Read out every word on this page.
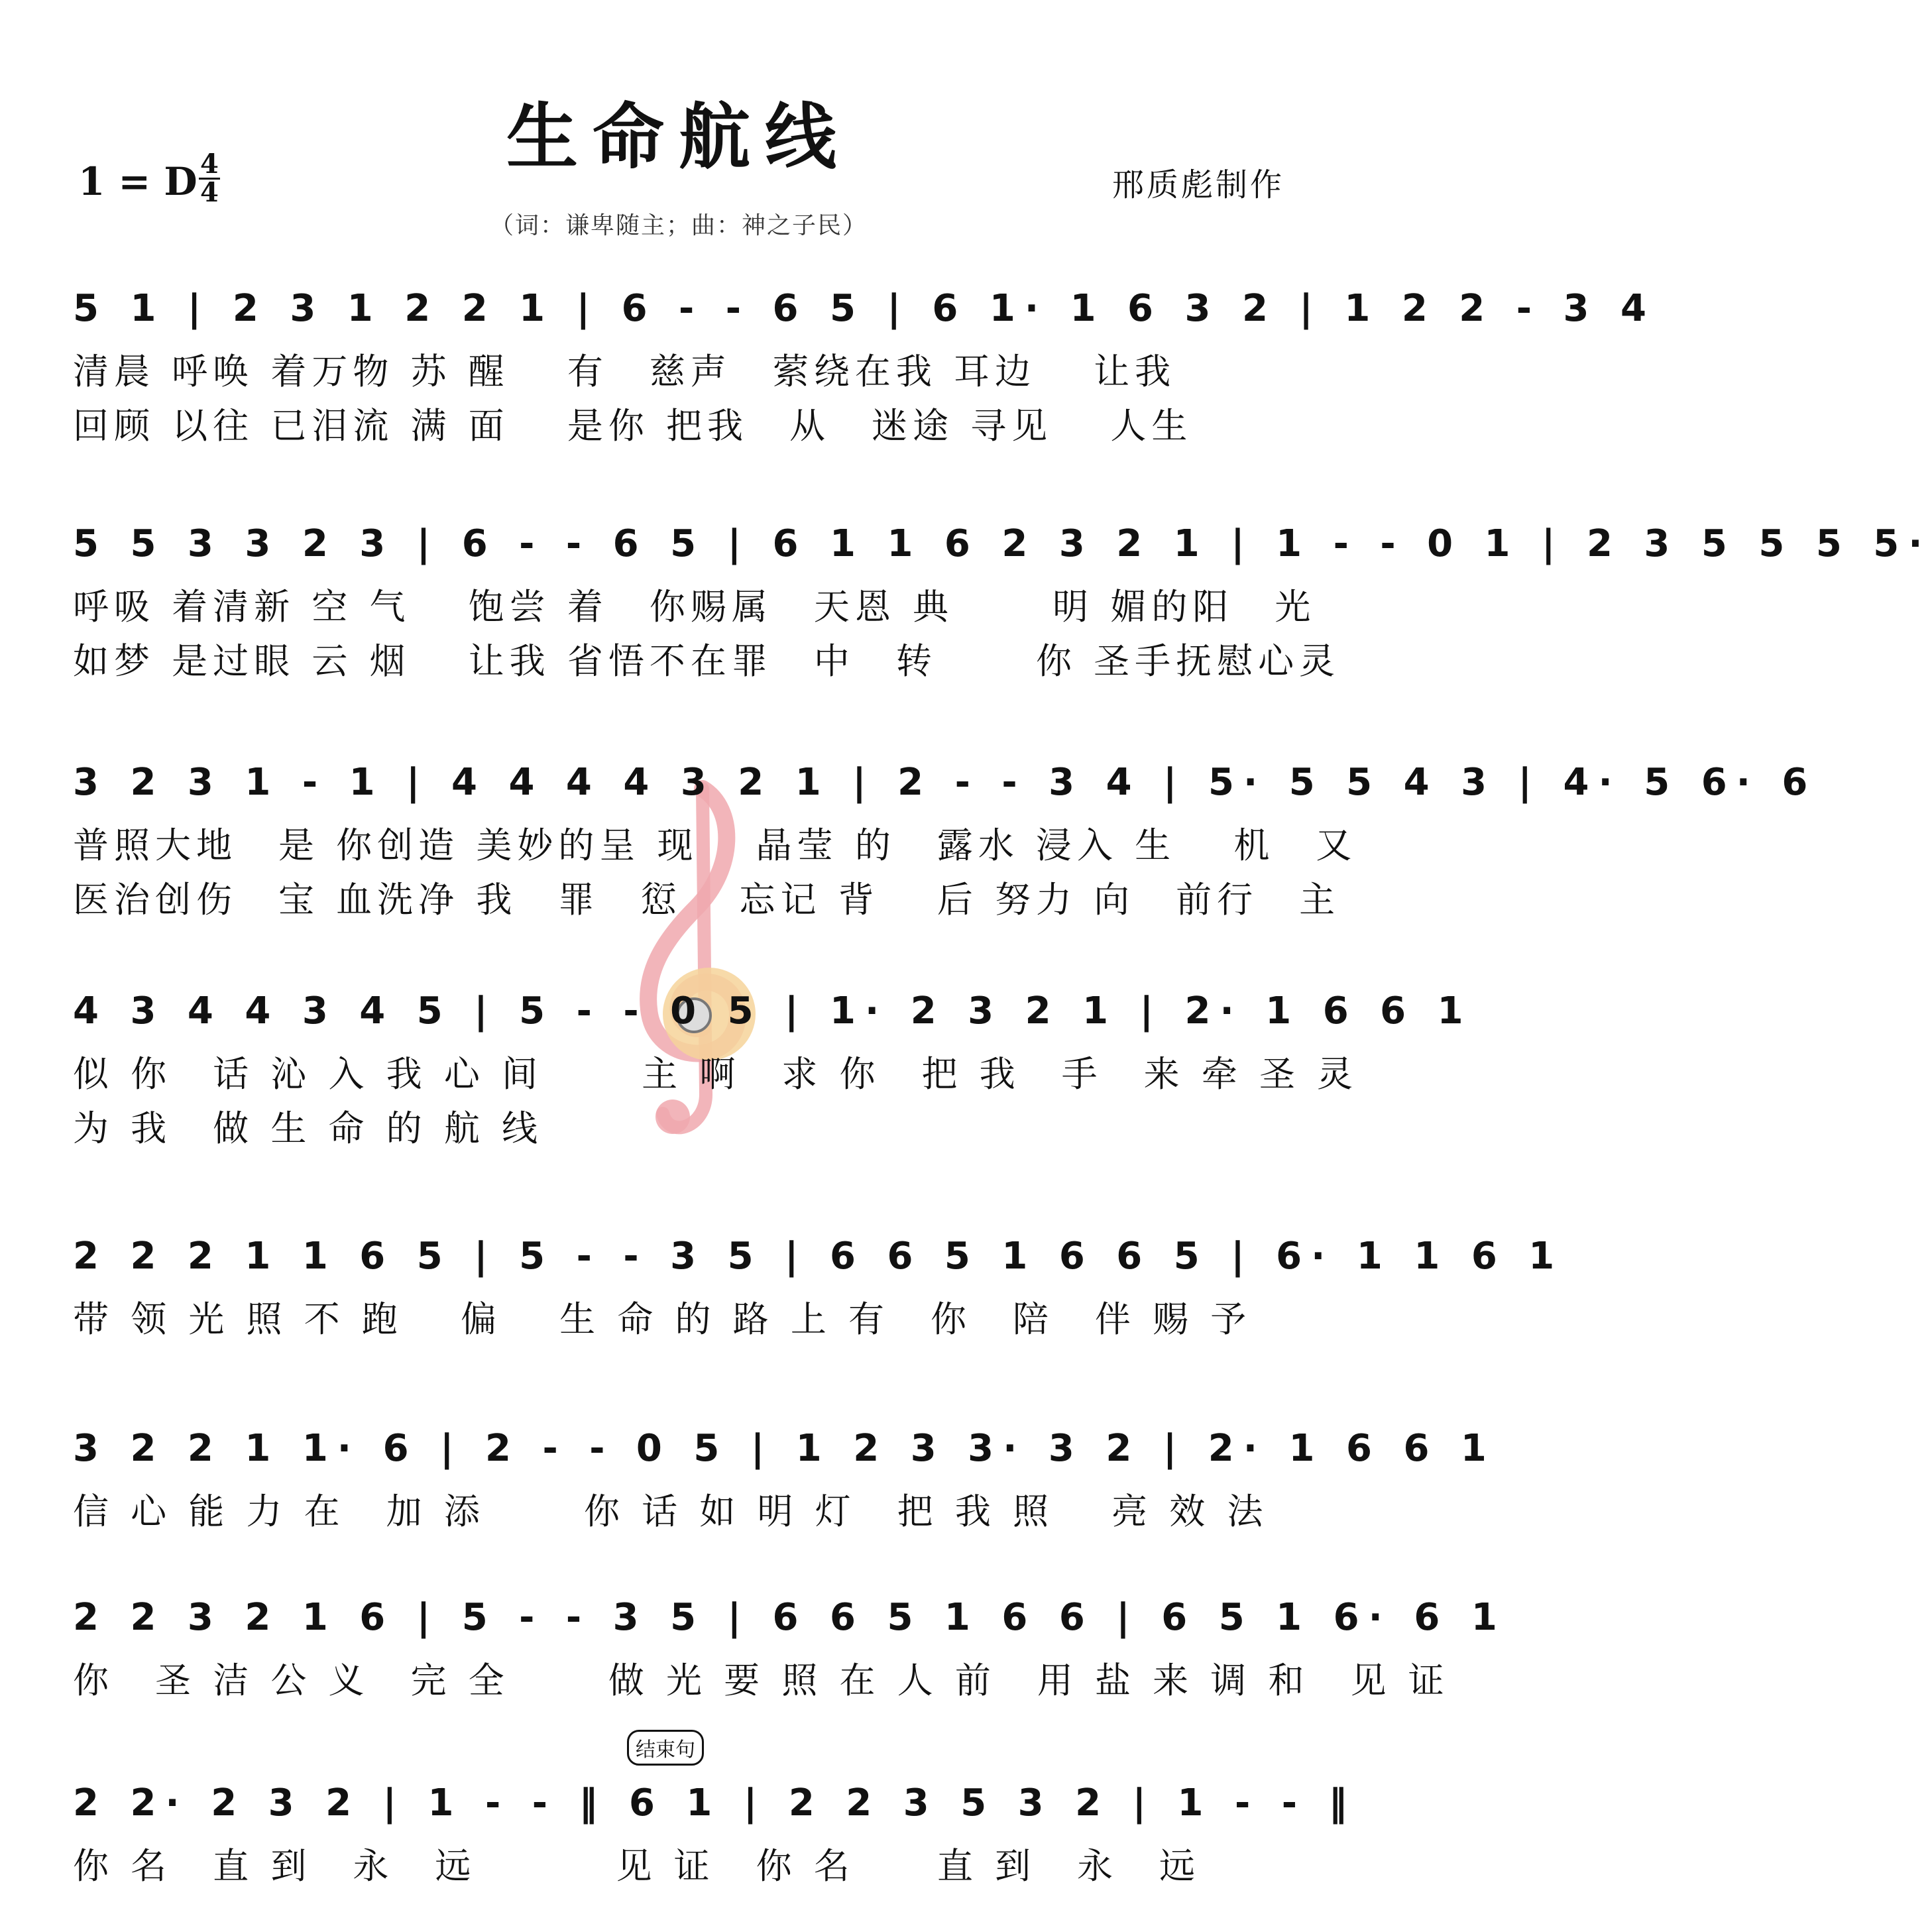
生命航线
1 = D 4
4	邢质彪制作
（词：谦卑随主；曲：神之子民）
5 1 | 2 3 1 2 2 1 | 6 - - 6 5 | 6 1· 1 6 3 2 | 1 2 2 - 3 4
清晨 呼唤 着万物 苏 醒　 有　慈声　萦绕在我 耳边　 让我
回顾 以往 已泪流 满 面　 是你 把我　从　迷途 寻见　 人生
5 5 3 3 2 3 | 6 - - 6 5 | 6 1 1 6 2 3 2 1 | 1 - - 0 1 | 2 3 5 5 5 5·
呼吸 着清新 空 气　 饱尝 着　你赐属　天恩 典　　 明 媚的阳　光
如梦 是过眼 云 烟　 让我 省悟不在罪　中　转　　 你 圣手抚慰心灵
3 2 3 1 - 1 | 4 4 4 4 3 2 1 | 2 - - 3 4 | 5· 5 5 4 3 | 4· 5 6· 6
普照大地　是 你创造 美妙的呈 现　 晶莹 的　露水 浸入 生　 机　又
医治创伤　宝 血洗净 我　罪　愆　 忘记 背　 后 努力 向　前行　主
4 3 4 4 3 4 5 | 5 - - 0 5 | 1· 2 3 2 1 | 2· 1 6 6 1
似 你　话 沁 入 我 心 间　　 主 啊　求 你　把 我　手　来 牵 圣 灵
为 我　做 生 命 的 航 线
2 2 2 1 1 6 5 | 5 - - 3 5 | 6 6 5 1 6 6 5 | 6· 1 1 6 1
带 领 光 照 不 跑　 偏　 生 命 的 路 上 有　你　陪　伴 赐 予
3 2 2 1 1· 6 | 2 - - 0 5 | 1 2 3 3· 3 2 | 2· 1 6 6 1
信 心 能 力 在　加 添　　 你 话 如 明 灯　把 我 照　 亮 效 法
2 2 3 2 1 6 | 5 - - 3 5 | 6 6 5 1 6 6 | 6 5 1 6· 6 1
你　圣 洁 公 义　完 全　　 做 光 要 照 在 人 前　用 盐 来 调 和　见 证
结束句
2 2· 2 3 2 | 1 - - ‖ 6 1 | 2 2 3 5 3 2 | 1 - - ‖
你 名　直 到　永　远　　　 见 证　你 名　　直 到　永　远
